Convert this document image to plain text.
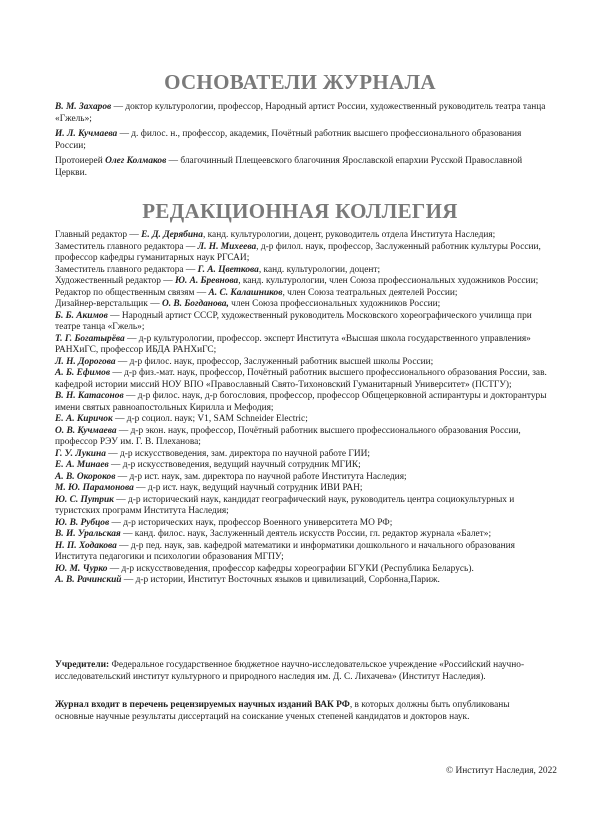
ОСНОВАТЕЛИ ЖУРНАЛА

В. М. Захаров — доктор культурологии, профессор, Народный артист России, художественный руководитель театра танца «Гжель»;

И. Л. Кучмаева — д. филос. н., профессор, академик, Почётный работник высшего профессионального образования России;

Протоиерей Олег Колмаков — благочинный Плещеевского благочиния Ярославской епархии Русской Православной Церкви.

РЕДАКЦИОННАЯ КОЛЛЕГИЯ

Главный редактор — Е. Д. Дерябина, канд. культурологии, доцент, руководитель отдела Института Наследия;

Заместитель главного редактора — Л. Н. Михеева, д-р филол. наук, профессор, Заслуженный работник культуры России, профессор кафедры гуманитарных наук РГСАИ;

Заместитель главного редактора — Г. А. Цветкова, канд. культурологии, доцент;

Художественный редактор — Ю. А. Бревнова, канд. культурологии, член Союза профессиональных художников России;

Редактор по общественным связям — А. С. Калашников, член Союза театральных деятелей России;

Дизайнер-верстальщик — О. В. Богданова, член Союза профессиональных художников России;

Б. Б. Акимов — Народный артист СССР, художественный руководитель Московского хореографического училища при театре танца «Гжель»;

Т. Г. Богатырёва — д-р культурологии, профессор. эксперт Института «Высшая школа государственного управления» РАНХиГС, профессор ИБДА РАНХиГС;

Л. Н. Дорогова — д-р филос. наук, профессор, Заслуженный работник высшей школы России;

А. Б. Ефимов — д-р физ.-мат. наук, профессор, Почётный работник высшего профессионального образования России, зав. кафедрой истории миссий НОУ ВПО «Православный Свято-Тихоновский Гуманитарный Университет» (ПСТГУ);

В. Н. Катасонов — д-р филос. наук, д-р богословия, профессор, профессор Общецерковной аспирантуры и докторантуры имени святых равноапостольных Кирилла и Мефодия;

Е. А. Киричок — д-р социол. наук; V1, SAM Schneider Electric;

О. В. Кучмаева — д-р экон. наук, профессор, Почётный работник высшего профессионального образования России, профессор РЭУ им. Г. В. Плеханова;

Г. У. Лукина — д-р искусствоведения, зам. директора по научной работе ГИИ;

Е. А. Минаев — д-р искусствоведения, ведущий научный сотрудник МГИК;

А. В. Окороков — д-р ист. наук, зам. директора по научной работе Института Наследия;

М. Ю. Парамонова — д-р ист. наук, ведущий научный сотрудник ИВИ РАН;

Ю. С. Путрик — д-р исторический наук, кандидат географический наук, руководитель центра социокультурных и туристских программ Института Наследия;

Ю. В. Рубцов — д-р исторических наук, профессор Военного университета МО РФ;

В. И. Уральская — канд. филос. наук, Заслуженный деятель искусств России, гл. редактор журнала «Балет»;

Н. П. Ходакова — д-р пед. наук, зав. кафедрой математики и информатики дошкольного и начального образования Института педагогики и психологии образования МГПУ;

Ю. М. Чурко — д-р искусствоведения, профессор кафедры хореографии БГУКИ (Республика Беларусь).

А. В. Рачинский — д-р истории, Институт Восточных языков и цивилизаций, Сорбонна,Париж.

Учредители: Федеральное государственное бюджетное научно-исследовательское учреждение «Российский научно-исследовательский институт культурного и природного наследия им. Д. С. Лихачева» (Институт Наследия).

Журнал входит в перечень рецензируемых научных изданий ВАК РФ, в которых должны быть опубликованы основные научные результаты диссертаций на соискание ученых степеней кандидатов и докторов наук.

© Институт Наследия, 2022
